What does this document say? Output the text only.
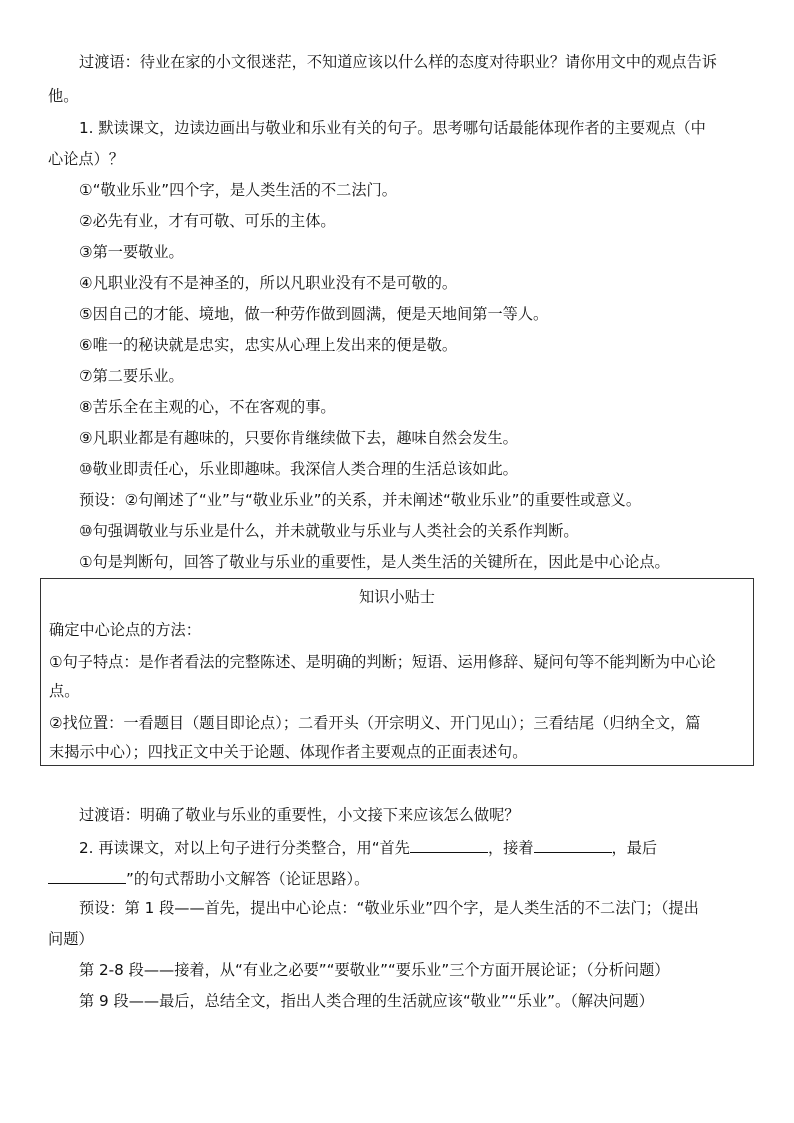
过渡语：待业在家的小文很迷茫，不知道应该以什么样的态度对待职业？请你用文中的观点告诉

他。

1. 默读课文，边读边画出与敬业和乐业有关的句子。思考哪句话最能体现作者的主要观点（中

心论点）？

①“敬业乐业”四个字，是人类生活的不二法门。

②必先有业，才有可敬、可乐的主体。

③第一要敬业。

④凡职业没有不是神圣的，所以凡职业没有不是可敬的。

⑤因自己的才能、境地，做一种劳作做到圆满，便是天地间第一等人。

⑥唯一的秘诀就是忠实，忠实从心理上发出来的便是敬。

⑦第二要乐业。

⑧苦乐全在主观的心，不在客观的事。

⑨凡职业都是有趣味的，只要你肯继续做下去，趣味自然会发生。

⑩敬业即责任心，乐业即趣味。我深信人类合理的生活总该如此。

预设：②句阐述了“业”与“敬业乐业”的关系，并未阐述“敬业乐业”的重要性或意义。

⑩句强调敬业与乐业是什么，并未就敬业与乐业与人类社会的关系作判断。

①句是判断句，回答了敬业与乐业的重要性，是人类生活的关键所在，因此是中心论点。

知识小贴士

确定中心论点的方法：

①句子特点：是作者看法的完整陈述、是明确的判断；短语、运用修辞、疑问句等不能判断为中心论

点。

②找位置：一看题目（题目即论点）；二看开头（开宗明义、开门见山）；三看结尾（归纳全文，篇

末揭示中心）；四找正文中关于论题、体现作者主要观点的正面表述句。

过渡语：明确了敬业与乐业的重要性，小文接下来应该怎么做呢？

2. 再读课文，对以上句子进行分类整合，用“首先	，接着	，最后

”的句式帮助小文解答（论证思路）。

预设：第 1 段——首先，提出中心论点：“敬业乐业”四个字，是人类生活的不二法门；（提出

问题）

第 2-8 段——接着，从“有业之必要”“要敬业”“要乐业”三个方面开展论证；（分析问题）

第 9 段——最后，总结全文，指出人类合理的生活就应该“敬业”“乐业”。（解决问题）
